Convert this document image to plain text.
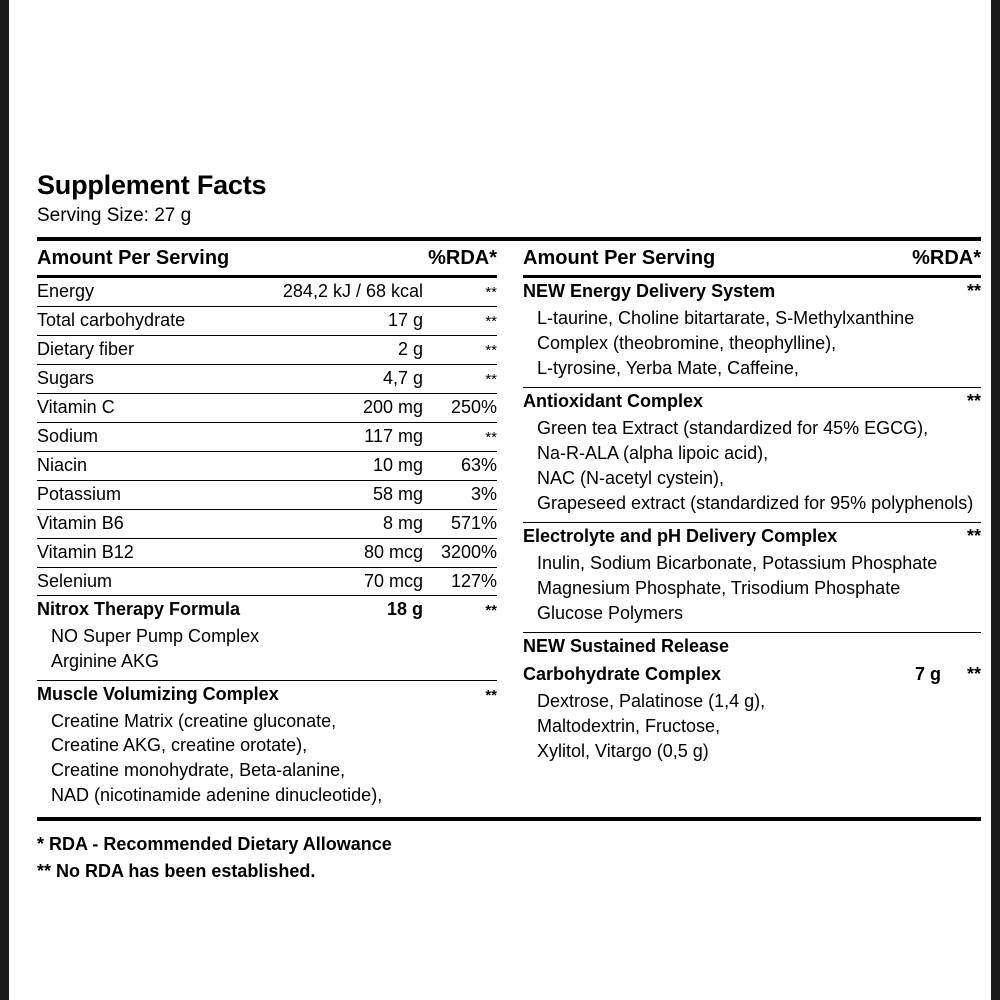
Supplement Facts
Serving Size: 27 g
Amount Per Serving	%RDA*
Energy	284,2 kJ / 68 kcal	**
Total carbohydrate	17 g	**
Dietary fiber	2 g	**
Sugars	4,7 g	**
Vitamin C	200 mg	250%
Sodium	117 mg	**
Niacin	10 mg	63%
Potassium	58 mg	3%
Vitamin B6	8 mg	571%
Vitamin B12	80 mcg 3200%
Selenium	70 mcg	127%
Nitrox Therapy Formula	18 g	**
NO Super Pump Complex
Arginine AKG
Muscle Volumizing Complex	**
Creatine Matrix (creatine gluconate,
Creatine AKG, creatine orotate),
Creatine monohydrate, Beta-alanine,
NAD (nicotinamide adenine dinucleotide),
Amount Per Serving	%RDA*
NEW Energy Delivery System	**
L-taurine, Choline bitartarate, S-Methylxanthine
Complex (theobromine, theophylline),
L-tyrosine, Yerba Mate, Caffeine,
Antioxidant Complex	**
Green tea Extract (standardized for 45% EGCG),
Na-R-ALA (alpha lipoic acid),
NAC (N-acetyl cystein),
Grapeseed extract (standardized for 95% polyphenols)
Electrolyte and pH Delivery Complex	**
Inulin, Sodium Bicarbonate, Potassium Phosphate
Magnesium Phosphate, Trisodium Phosphate
Glucose Polymers
NEW Sustained Release
Carbohydrate Complex	7 g	**
Dextrose, Palatinose (1,4 g),
Maltodextrin, Fructose,
Xylitol, Vitargo (0,5 g)
* RDA - Recommended Dietary Allowance
** No RDA has been established.
